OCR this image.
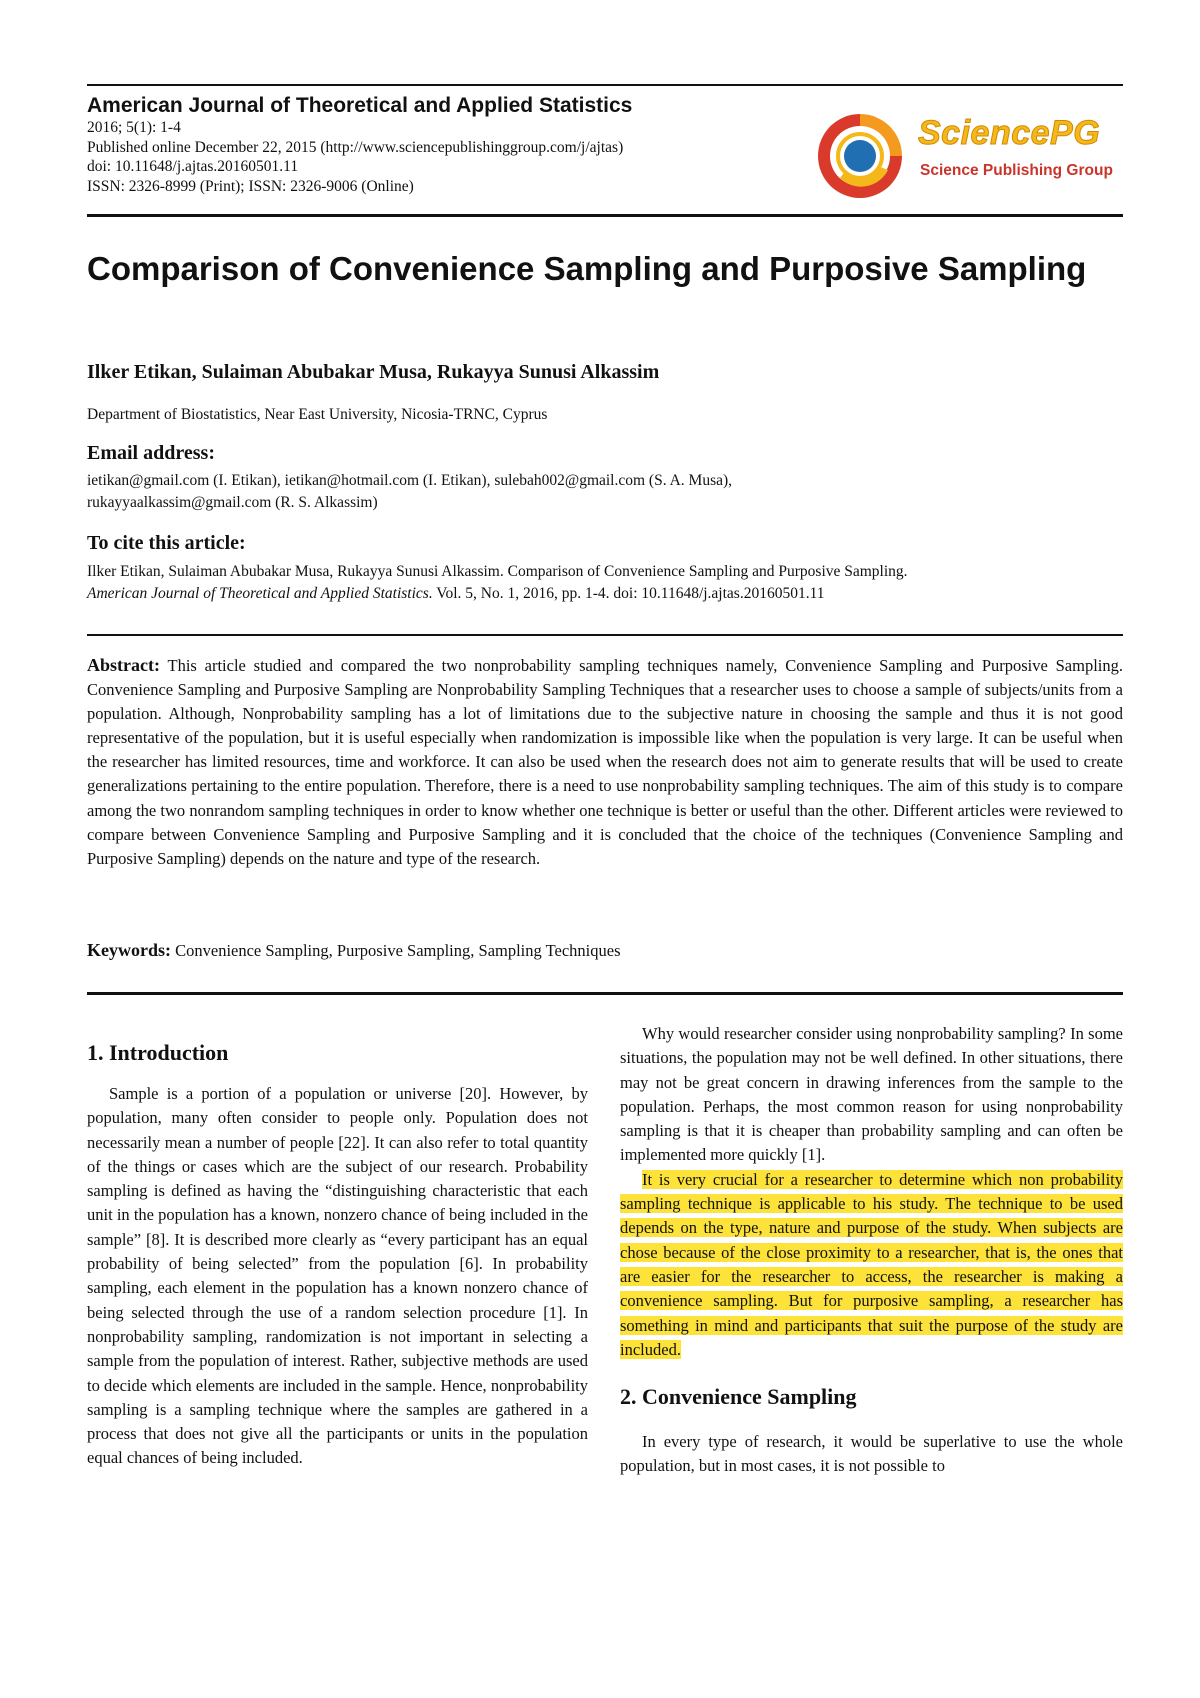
American Journal of Theoretical and Applied Statistics
2016; 5(1): 1-4
Published online December 22, 2015 (http://www.sciencepublishinggroup.com/j/ajtas)
doi: 10.11648/j.ajtas.20160501.11
ISSN: 2326-8999 (Print); ISSN: 2326-9006 (Online)
SciencePG
Science Publishing Group
Comparison of Convenience Sampling and Purposive Sampling
Ilker Etikan, Sulaiman Abubakar Musa, Rukayya Sunusi Alkassim
Department of Biostatistics, Near East University, Nicosia-TRNC, Cyprus
Email address:
ietikan@gmail.com (I. Etikan), ietikan@hotmail.com (I. Etikan), sulebah002@gmail.com (S. A. Musa),
rukayyaalkassim@gmail.com (R. S. Alkassim)
To cite this article:
Ilker Etikan, Sulaiman Abubakar Musa, Rukayya Sunusi Alkassim. Comparison of Convenience Sampling and Purposive Sampling.
American Journal of Theoretical and Applied Statistics. Vol. 5, No. 1, 2016, pp. 1-4. doi: 10.11648/j.ajtas.20160501.11
Abstract: This article studied and compared the two nonprobability sampling techniques namely, Convenience Sampling and Purposive Sampling. Convenience Sampling and Purposive Sampling are Nonprobability Sampling Techniques that a researcher uses to choose a sample of subjects/units from a population. Although, Nonprobability sampling has a lot of limitations due to the subjective nature in choosing the sample and thus it is not good representative of the population, but it is useful especially when randomization is impossible like when the population is very large. It can be useful when the researcher has limited resources, time and workforce. It can also be used when the research does not aim to generate results that will be used to create generalizations pertaining to the entire population. Therefore, there is a need to use nonprobability sampling techniques. The aim of this study is to compare among the two nonrandom sampling techniques in order to know whether one technique is better or useful than the other. Different articles were reviewed to compare between Convenience Sampling and Purposive Sampling and it is concluded that the choice of the techniques (Convenience Sampling and Purposive Sampling) depends on the nature and type of the research.
Keywords: Convenience Sampling, Purposive Sampling, Sampling Techniques
1. Introduction

Sample is a portion of a population or universe [20]. However, by population, many often consider to people only. Population does not necessarily mean a number of people [22]. It can also refer to total quantity of the things or cases which are the subject of our research. Probability sampling is defined as having the “distinguishing characteristic that each unit in the population has a known, nonzero chance of being included in the sample” [8]. It is described more clearly as “every participant has an equal probability of being selected” from the population [6]. In probability sampling, each element in the population has a known nonzero chance of being selected through the use of a random selection procedure [1]. In nonprobability sampling, randomization is not important in selecting a sample from the population of interest. Rather, subjective methods are used to decide which elements are included in the sample. Hence, nonprobability sampling is a sampling technique where the samples are gathered in a process that does not give all the participants or units in the population equal chances of being included.

Why would researcher consider using nonprobability sampling? In some situations, the population may not be well defined. In other situations, there may not be great concern in drawing inferences from the sample to the population. Perhaps, the most common reason for using nonprobability sampling is that it is cheaper than probability sampling and can often be implemented more quickly [1].

It is very crucial for a researcher to determine which non probability sampling technique is applicable to his study. The technique to be used depends on the type, nature and purpose of the study. When subjects are chose because of the close proximity to a researcher, that is, the ones that are easier for the researcher to access, the researcher is making a convenience sampling. But for purposive sampling, a researcher has something in mind and participants that suit the purpose of the study are included.

2. Convenience Sampling

In every type of research, it would be superlative to use the whole population, but in most cases, it is not possible to
